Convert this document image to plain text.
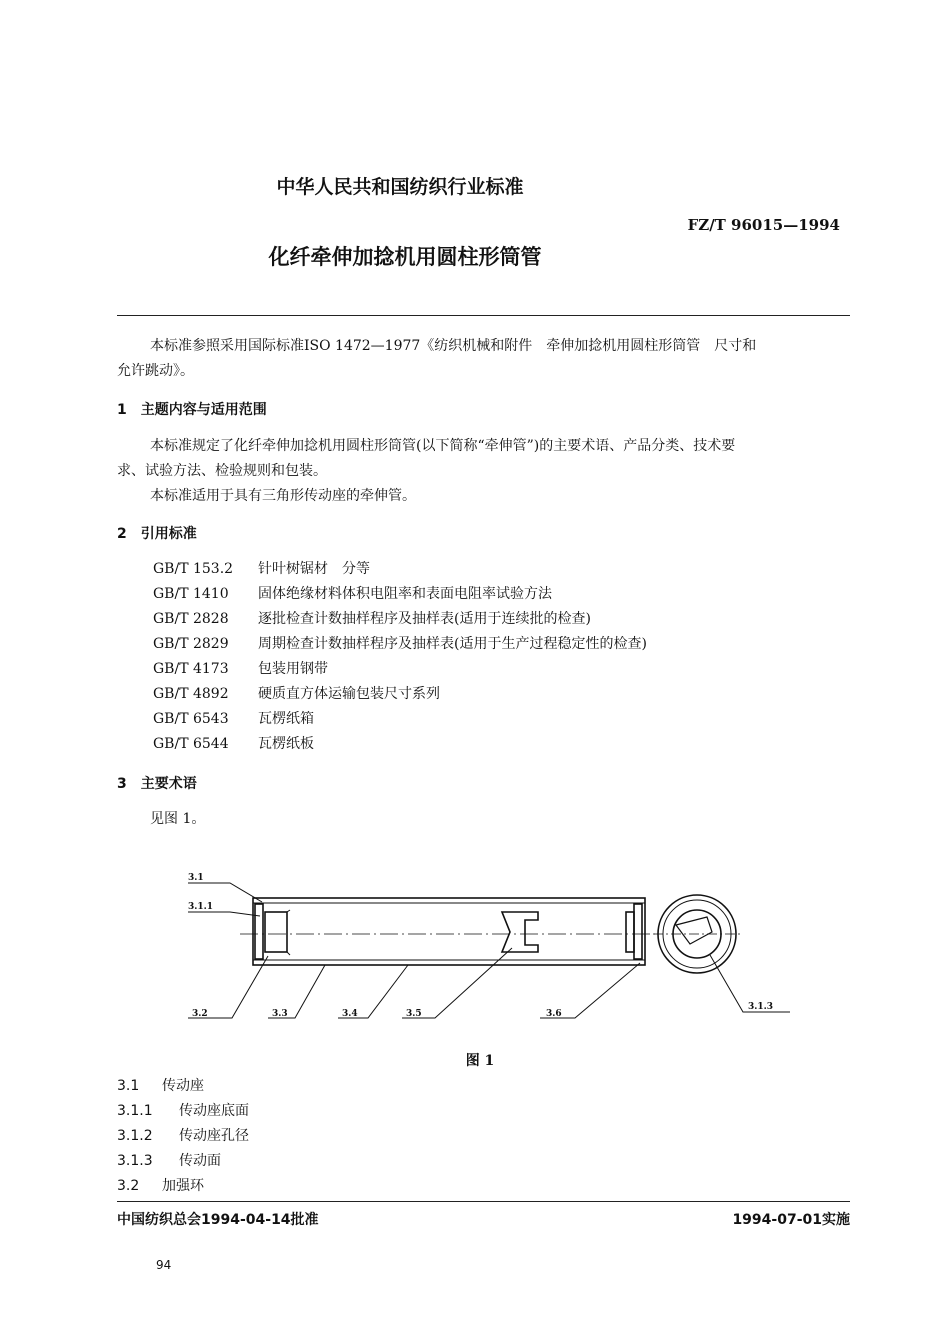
中华人民共和国纺织行业标准
FZ/T 96015—1994
化纤牵伸加捻机用圆柱形筒管
本标准参照采用国际标准ISO 1472—1977《纺织机械和附件　牵伸加捻机用圆柱形筒管　尺寸和
允许跳动》。
1　主题内容与适用范围
本标准规定了化纤牵伸加捻机用圆柱形筒管(以下简称“牵伸管”)的主要术语、产品分类、技术要
求、试验方法、检验规则和包装。
本标准适用于具有三角形传动座的牵伸管。
2　引用标准
GB/T 153.2 针叶树锯材　分等
GB/T 1410 固体绝缘材料体积电阻率和表面电阻率试验方法
GB/T 2828 逐批检查计数抽样程序及抽样表(适用于连续批的检查)
GB/T 2829 周期检查计数抽样程序及抽样表(适用于生产过程稳定性的检查)
GB/T 4173 包装用钢带
GB/T 4892 硬质直方体运输包装尺寸系列
GB/T 6543 瓦楞纸箱
GB/T 6544 瓦楞纸板
3　主要术语
见图 1。
3.1
3.1.1
3.2	3.3	3.4	3.5	3.6
3.1.3
图 1
3.1 传动座
3.1.1 传动座底面
3.1.2 传动座孔径
3.1.3 传动面
3.2 加强环
中国纺织总会1994-04-14批准	1994-07-01实施
94
